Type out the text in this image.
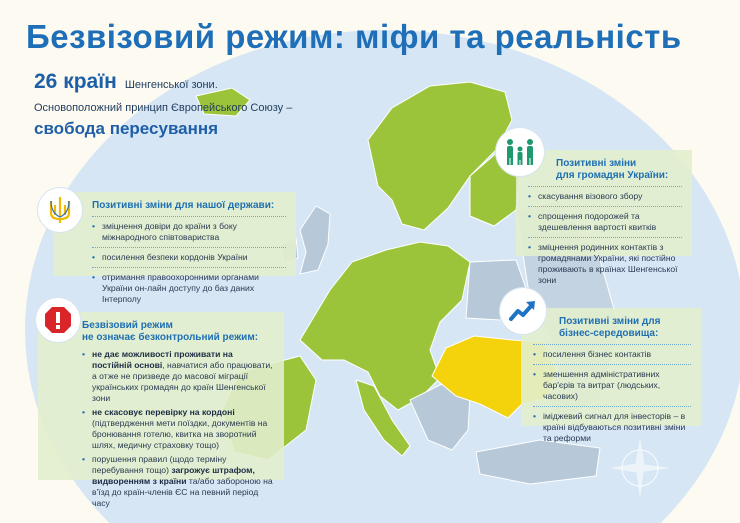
Безвізовий режим: міфи та реальність
26 країн Шенгенської зони.
Основоположний принцип Європейського Союзу –
свобода пересування
Позитивні зміни для нашої держави:
• зміцнення довіри до країни з боку міжнародного співтовариства
• посилення безпеки кордонів України
• отримання правоохоронними органами України он-лайн доступу до баз даних Інтерполу
Безвізовий режим
не означає безконтрольний режим:
• не дає можливості проживати на постійній основі, навчатися або працювати, а отже не призведе до масової міграції українських громадян до країн Шенгенської зони
• не скасовує перевірку на кордоні (підтвердження мети поїздки, документів на бронювання готелю, квитка на зворотний шлях, медичну страховку тощо)
• порушення правил (щодо терміну перебування тощо) загрожує штрафом, видворенням з країни та/або забороною на в'їзд до країн-членів ЄС на певний період часу
Позитивні зміни
для громадян України:
• скасування візового збору
• спрощення подорожей та здешевлення вартості квитків
• зміцнення родинних контактів з громадянами України, які постійно проживають в країнах Шенгенської зони
Позитивні зміни для
бізнес-середовища:
• посилення бізнес контактів
• зменшення адміністративних бар'єрів та витрат (людських, часових)
• іміджевий сигнал для інвесторів – в країні відбуваються позитивні зміни та реформи
